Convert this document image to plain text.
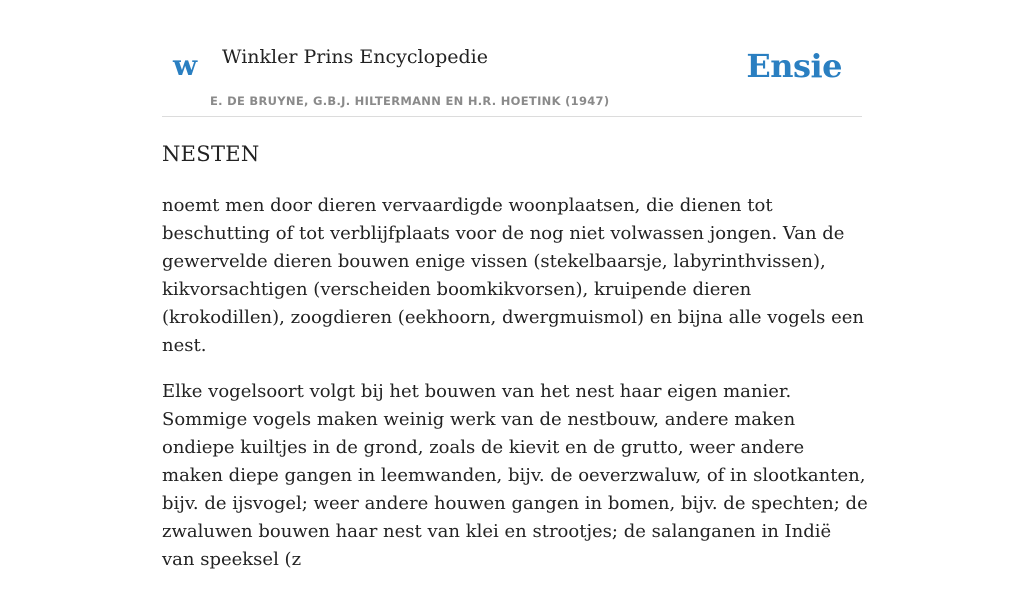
w Winkler Prins Encyclopedie	Ensie
E. DE BRUYNE, G.B.J. HILTERMANN EN H.R. HOETINK (1947)
NESTEN

noemt men door dieren vervaardigde woonplaatsen, die dienen tot beschutting of tot verblijfplaats voor de nog niet volwassen jongen. Van de gewervelde dieren bouwen enige vissen (stekelbaarsje, labyrinthvissen), kikvorsachtigen (verscheiden boomkikvorsen), kruipende dieren (krokodillen), zoogdieren (eekhoorn, dwergmuismol) en bijna alle vogels een nest.

Elke vogelsoort volgt bij het bouwen van het nest haar eigen manier. Sommige vogels maken weinig werk van de nestbouw, andere maken ondiepe kuiltjes in de grond, zoals de kievit en de grutto, weer andere maken diepe gangen in leemwanden, bijv. de oeverzwaluw, of in slootkanten, bijv. de ijsvogel; weer andere houwen gangen in bomen, bijv. de spechten; de zwaluwen bouwen haar nest van klei en strootjes; de salanganen in Indië van speeksel (z
